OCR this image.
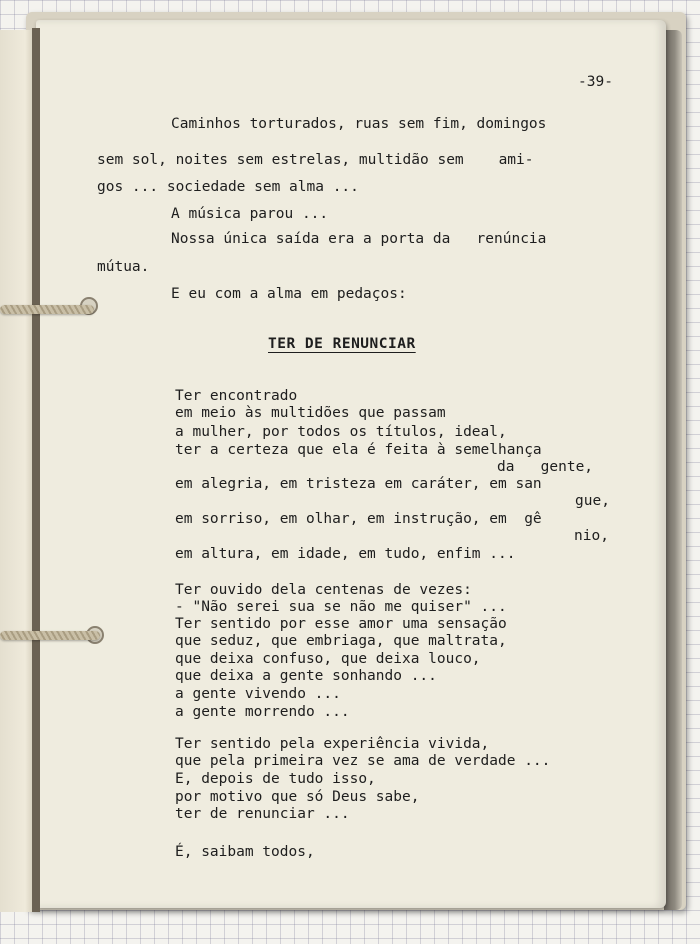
-39-

Caminhos torturados, ruas sem fim, domingos

sem sol, noites sem estrelas, multidão sem    ami-

gos ... sociedade sem alma ...

A música parou ...

Nossa única saída era a porta da   renúncia

mútua.

E eu com a alma em pedaços:

TER DE RENUNCIAR

Ter encontrado

em meio às multidões que passam

a mulher, por todos os títulos, ideal,

ter a certeza que ela é feita à semelhança

da   gente,

em alegria, em tristeza em caráter, em san

gue,

em sorriso, em olhar, em instrução, em  gê

nio,

em altura, em idade, em tudo, enfim ...

Ter ouvido dela centenas de vezes:

- "Não serei sua se não me quiser" ...

Ter sentido por esse amor uma sensação

que seduz, que embriaga, que maltrata,

que deixa confuso, que deixa louco,

que deixa a gente sonhando ...

a gente vivendo ...

a gente morrendo ...

Ter sentido pela experiência vivida,

que pela primeira vez se ama de verdade ...

E, depois de tudo isso,

por motivo que só Deus sabe,

ter de renunciar ...

É, saibam todos,
